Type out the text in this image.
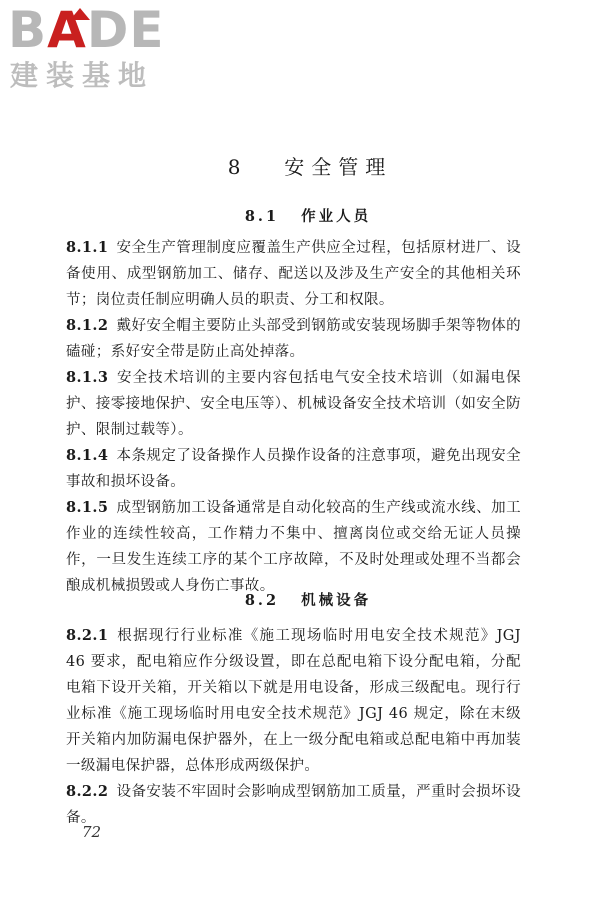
BADE
建装基地
8 安全管理
8.1 作业人员

8.1.1 安全生产管理制度应覆盖生产供应全过程，包括原材进厂、设备使用、成型钢筋加工、储存、配送以及涉及生产安全的其他相关环节；岗位责任制应明确人员的职责、分工和权限。

8.1.2 戴好安全帽主要防止头部受到钢筋或安装现场脚手架等物体的磕碰；系好安全带是防止高处掉落。

8.1.3 安全技术培训的主要内容包括电气安全技术培训（如漏电保护、接零接地保护、安全电压等）、机械设备安全技术培训（如安全防护、限制过载等）。

8.1.4 本条规定了设备操作人员操作设备的注意事项，避免出现安全事故和损坏设备。

8.1.5 成型钢筋加工设备通常是自动化较高的生产线或流水线、加工作业的连续性较高，工作精力不集中、擅离岗位或交给无证人员操作，一旦发生连续工序的某个工序故障，不及时处理或处理不当都会酿成机械损毁或人身伤亡事故。

8.2 机械设备

8.2.1 根据现行行业标准《施工现场临时用电安全技术规范》JGJ 46 要求，配电箱应作分级设置，即在总配电箱下设分配电箱，分配电箱下设开关箱，开关箱以下就是用电设备，形成三级配电。现行行业标准《施工现场临时用电安全技术规范》JGJ 46 规定，除在末级开关箱内加防漏电保护器外，在上一级分配电箱或总配电箱中再加装一级漏电保护器，总体形成两级保护。

8.2.2 设备安装不牢固时会影响成型钢筋加工质量，严重时会损坏设备。

72
